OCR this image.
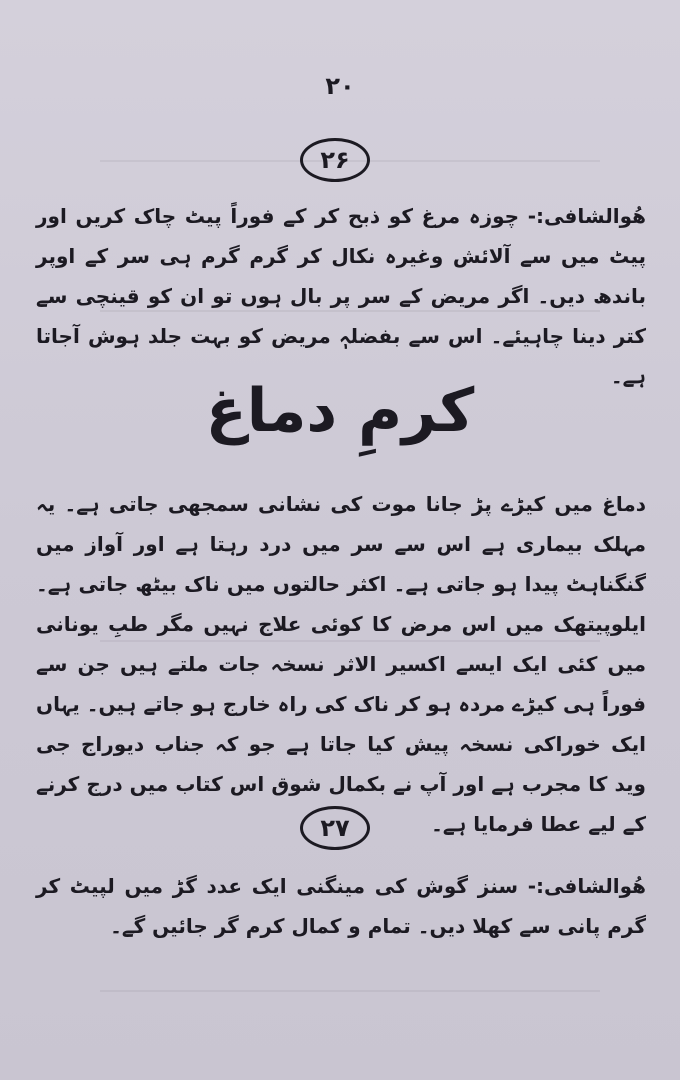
۲۰
۲۶

ھُوالشافی:- چوزہ مرغ کو ذبح کر کے فوراً پیٹ چاک کریں اور پیٹ میں سے آلائش وغیرہ نکال کر گرم گرم ہی سر کے اوپر باندھ دیں۔ اگر مریض کے سر پر بال ہوں تو ان کو قینچی سے کتر دینا چاہیئے۔ اس سے بفضلہٖ مریض کو بہت جلد ہوش آجاتا ہے۔

کرمِ دماغ

دماغ میں کیڑے پڑ جانا موت کی نشانی سمجھی جاتی ہے۔ یہ مہلک بیماری ہے اس سے سر میں درد رہتا ہے اور آواز میں گنگناہٹ پیدا ہو جاتی ہے۔ اکثر حالتوں میں ناک بیٹھ جاتی ہے۔ ایلوپیتھک میں اس مرض کا کوئی علاج نہیں مگر طبِ یونانی میں کئی ایک ایسے اکسیر الاثر نسخہ جات ملتے ہیں جن سے فوراً ہی کیڑے مردہ ہو کر ناک کی راہ خارج ہو جاتے ہیں۔ یہاں ایک خوراکی نسخہ پیش کیا جاتا ہے جو کہ جناب دیوراج جی وید کا مجرب ہے اور آپ نے بکمال شوق اس کتاب میں درج کرنے کے لیے عطا فرمایا ہے۔

۲۷

ھُوالشافی:- سنز گوش کی مینگنی ایک عدد گڑ میں لپیٹ کر گرم پانی سے کھلا دیں۔ تمام و کمال کرم گر جائیں گے۔
